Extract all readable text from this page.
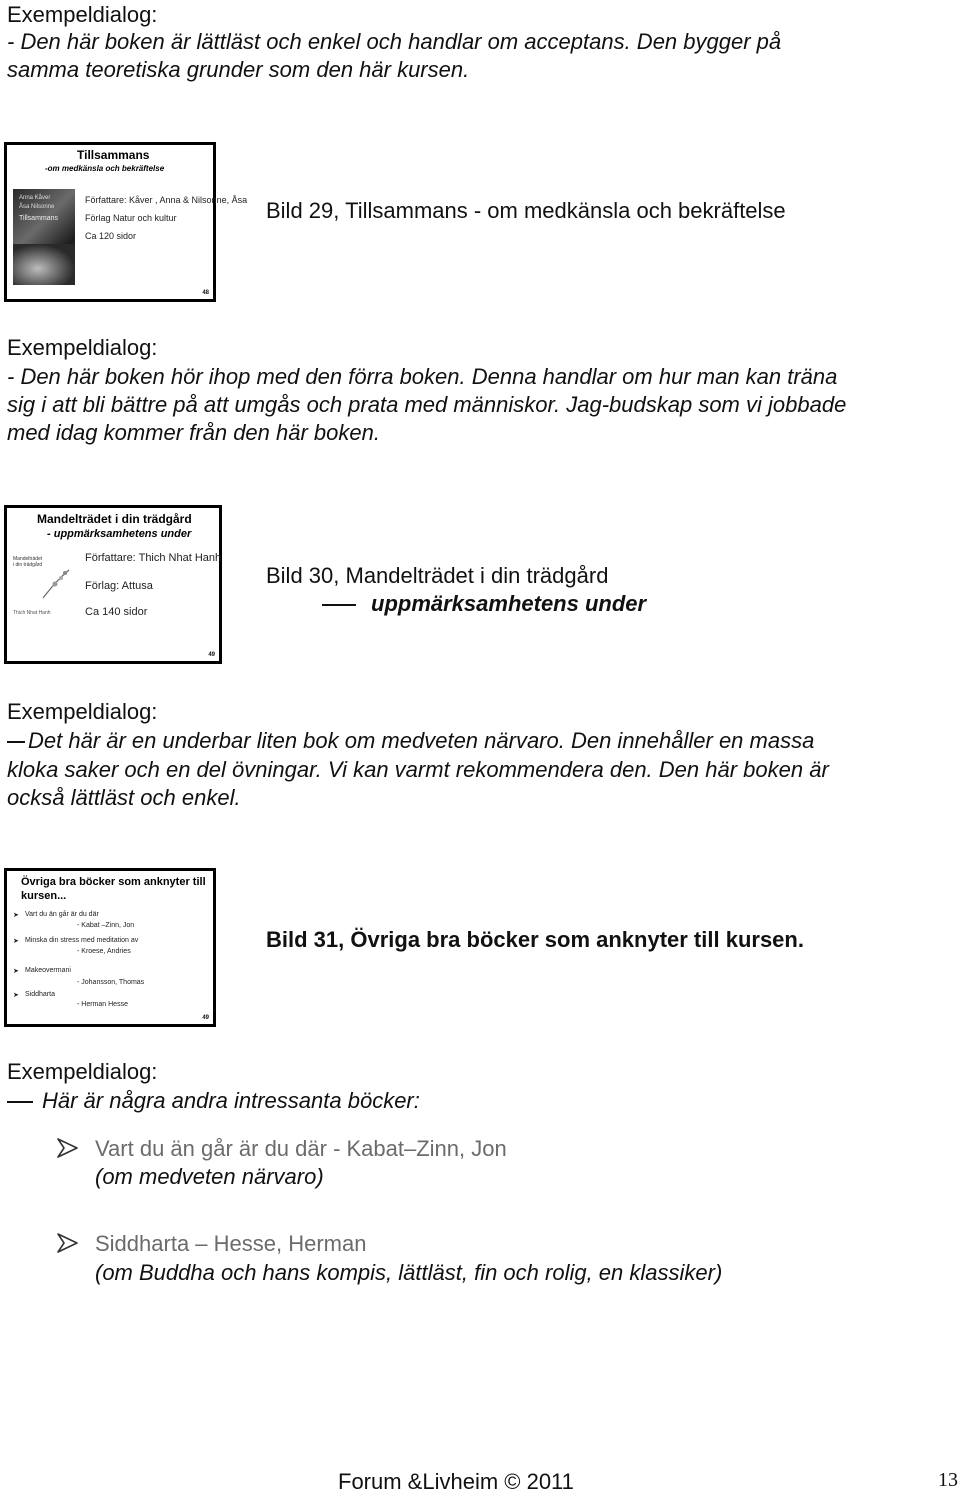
Exempeldialog:
- Den här boken är lättläst och enkel och handlar om acceptans. Den bygger på
samma teoretiska grunder som den här kursen.
Tillsammans
-om medkänsla och bekräftelse
Anna Kåver
Åsa Nilsonne
Tillsammans
Författare: Kåver , Anna & Nilsonne, Åsa
Förlag Natur och kultur
Ca 120 sidor
48
Bild 29, Tillsammans - om medkänsla och bekräftelse
Exempeldialog:
- Den här boken hör ihop med den förra boken. Denna handlar om hur man kan träna
sig i att bli bättre på att umgås och prata med människor. Jag-budskap som vi jobbade
med idag kommer från den här boken.
Mandelträdet i din trädgård
- uppmärksamhetens under
Mandelträdet
i din trädgård
Thich Nhat Hanh
Författare: Thich Nhat Hanh
Förlag: Attusa
Ca 140 sidor
49
Bild 30, Mandelträdet i din trädgård
uppmärksamhetens under
Exempeldialog:
Det här är en underbar liten bok om medveten närvaro. Den innehåller en massa
kloka saker och en del övningar. Vi kan varmt rekommendera den. Den här boken är
också lättläst och enkel.
Övriga bra böcker som anknyter till
kursen...
➤ Vart du än går är du där
- Kabat –Zinn, Jon
➤ Minska din stress med meditation av
- Kroese, Andries
➤ Makeovermani
- Johansson, Thomas
➤ Siddharta
- Herman Hesse
49
Bild 31, Övriga bra böcker som anknyter till kursen.
Exempeldialog:
Här är några andra intressanta böcker:
Vart du än går är du där - Kabat–Zinn, Jon
(om medveten närvaro)
Siddharta – Hesse, Herman
(om Buddha och hans kompis, lättläst, fin och rolig, en klassiker)
Forum &Livheim © 2011	13
